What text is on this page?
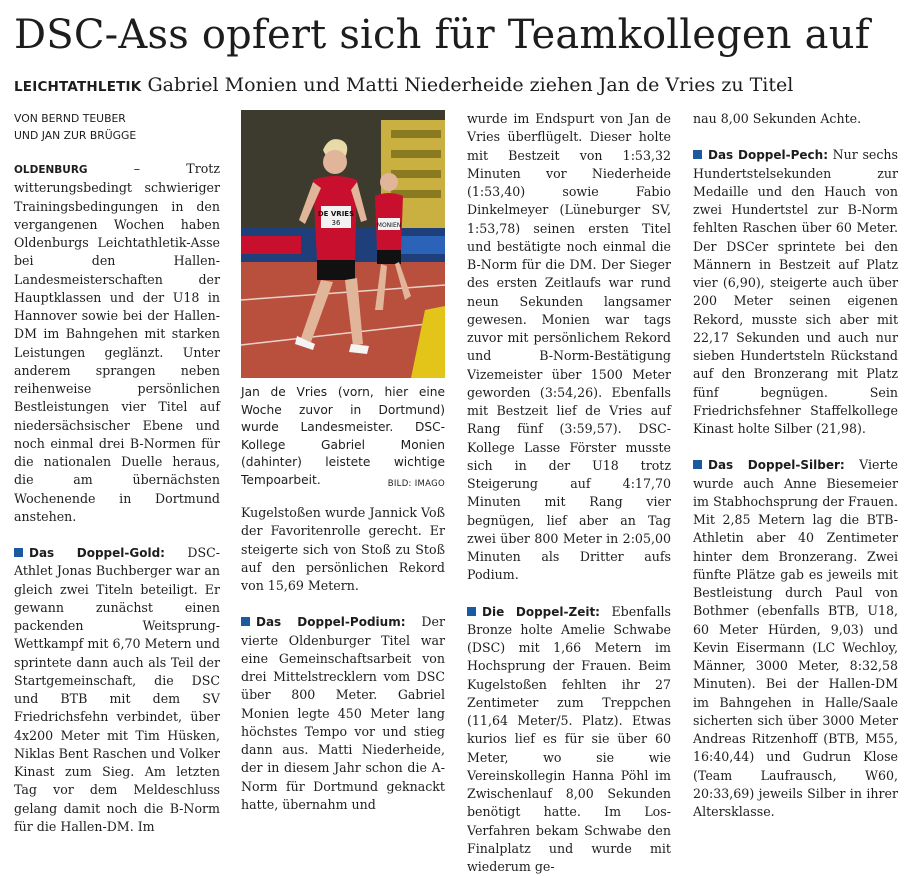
DSC-Ass opfert sich für Teamkollegen auf
LEICHTATHLETIK Gabriel Monien und Matti Niederheide ziehen Jan de Vries zu Titel

VON BERND TEUBER
UND JAN ZUR BRÜGGE

OLDENBURG	– Trotz witterungsbedingt schwieriger Trainingsbedingungen in den vergangenen Wochen haben Oldenburgs Leichtathletik-Asse bei den Hallen-Landesmeisterschaften der Hauptklassen und der U18 in Hannover sowie bei der Hallen-DM im Bahngehen mit starken Leistungen geglänzt. Unter anderem sprangen neben reihenweise persönlichen Bestleistungen vier Titel auf niedersächsischer Ebene und noch einmal drei B-Normen für die nationalen Duelle heraus, die am übernächsten Wochenende in Dortmund anstehen.

Das Doppel-Gold: DSC-Athlet Jonas Buchberger war an gleich zwei Titeln beteiligt. Er gewann zunächst einen packenden Weitsprung-Wettkampf mit 6,70 Metern und sprintete dann auch als Teil der Startgemeinschaft, die DSC und BTB mit dem SV Friedrichsfehn verbindet, über 4x200 Meter mit Tim Hüsken, Niklas Bent Raschen und Volker Kinast zum Sieg. Am letzten Tag vor dem Meldeschluss gelang damit noch die B-Norm für die Hallen-DM. Im

MONIEN
DE VRIES
36

Jan de Vries (vorn, hier eine Woche zuvor in Dortmund) wurde Landesmeister. DSC-Kollege Gabriel Monien (dahinter) leistete wichtige Tempoarbeit.	BILD: IMAGO

Kugelstoßen wurde Jannick Voß der Favoritenrolle gerecht. Er steigerte sich von Stoß zu Stoß auf den persönlichen Rekord von 15,69 Metern.

Das Doppel-Podium: Der vierte Oldenburger Titel war eine Gemeinschaftsarbeit von drei Mittelstrecklern vom DSC über 800 Meter. Gabriel Monien legte 450 Meter lang höchstes Tempo vor und stieg dann aus. Matti Niederheide, der in diesem Jahr schon die A-Norm für Dortmund geknackt hatte, übernahm und

wurde im Endspurt von Jan de Vries überflügelt. Dieser holte mit Bestzeit von 1:53,32 Minuten vor Niederheide (1:53,40) sowie Fabio Dinkelmeyer (Lüneburger SV, 1:53,78) seinen ersten Titel und bestätigte noch einmal die B-Norm für die DM. Der Sieger des ersten Zeitlaufs war rund neun Sekunden langsamer gewesen. Monien war tags zuvor mit persönlichem Rekord und B-Norm-Bestätigung Vizemeister über 1500 Meter geworden (3:54,26). Ebenfalls mit Bestzeit lief de Vries auf Rang fünf (3:59,57). DSC-Kollege Lasse Förster musste sich in der U18 trotz Steigerung auf 4:17,70 Minuten mit Rang vier begnügen, lief aber an Tag zwei über 800 Meter in 2:05,00 Minuten als Dritter aufs Podium.

Die Doppel-Zeit: Ebenfalls Bronze holte Amelie Schwabe (DSC) mit 1,66 Metern im Hochsprung der Frauen. Beim Kugelstoßen fehlten ihr 27 Zentimeter zum Treppchen (11,64 Meter/5. Platz). Etwas kurios lief es für sie über 60 Meter, wo sie wie Vereinskollegin Hanna Pöhl im Zwischenlauf 8,00 Sekunden benötigt hatte. Im Los-Verfahren bekam Schwabe den Finalplatz und wurde mit wiederum ge-

nau 8,00 Sekunden Achte.

Das Doppel-Pech: Nur sechs Hundertstelsekunden zur Medaille und den Hauch von zwei Hundertstel zur B-Norm fehlten Raschen über 60 Meter. Der DSCer sprintete bei den Männern in Bestzeit auf Platz vier (6,90), steigerte auch über 200 Meter seinen eigenen Rekord, musste sich aber mit 22,17 Sekunden und auch nur sieben Hundertsteln Rückstand auf den Bronzerang mit Platz fünf begnügen. Sein Friedrichsfehner Staffelkollege Kinast holte Silber (21,98).

Das Doppel-Silber: Vierte wurde auch Anne Biesemeier im Stabhochsprung der Frauen. Mit 2,85 Metern lag die BTB-Athletin aber 40 Zentimeter hinter dem Bronzerang. Zwei fünfte Plätze gab es jeweils mit Bestleistung durch Paul von Bothmer (ebenfalls BTB, U18, 60 Meter Hürden, 9,03) und Kevin Eisermann (LC Wechloy, Männer, 3000 Meter, 8:32,58 Minuten). Bei der Hallen-DM im Bahngehen in Halle/Saale sicherten sich über 3000 Meter Andreas Ritzenhoff (BTB, M55, 16:40,44) und Gudrun Klose (Team Laufrausch, W60, 20:33,69) jeweils Silber in ihrer Altersklasse.
